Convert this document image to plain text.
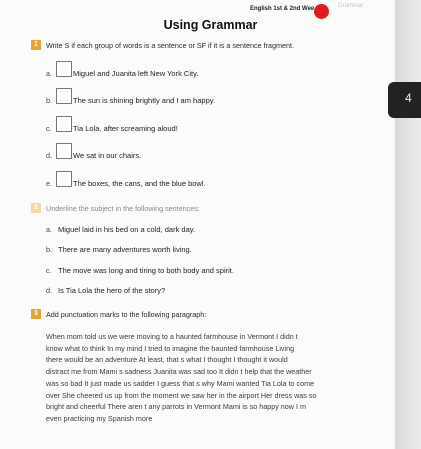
English 1st & 2nd Wee	Grammar
Using Grammar
4
1	Write S if each group of words is a sentence or SF if it is a sentence fragment.
a.	Miguel and Juanita left New York City.
b.	The sun is shining brightly and I am happy.
c.	Tia Lola, after screaming aloud!
d.	We sat in our chairs.
e.	The boxes, the cans, and the blue bowl.
2	Underline the subject in the following sentences:
a. Miguel laid in his bed on a cold, dark day.
b. There are many adventures worth living.
c. The move was long and tiring to both body and spirit.
d. Is Tia Lola the hero of the story?
3	Add punctuation marks to the following paragraph:
When mom told us we were moving to a haunted farmhouse in Vermont I didn t
know what to think In my mind I tried to imagine the haunted farmhouse Living
there would be an adventure At least, that s what I thought I thought it would
distract me from Mami s sadness Juanita was sad too It didn t help that the weather
was so bad It just made us sadder I guess that s why Mami wanted Tia Lola to come
over She cheered us up from the moment we saw her in the airport Her dress was so
bright and cheerful There aren t any parrots in Vermont Mami is so happy now I m
even practicing my Spanish more
